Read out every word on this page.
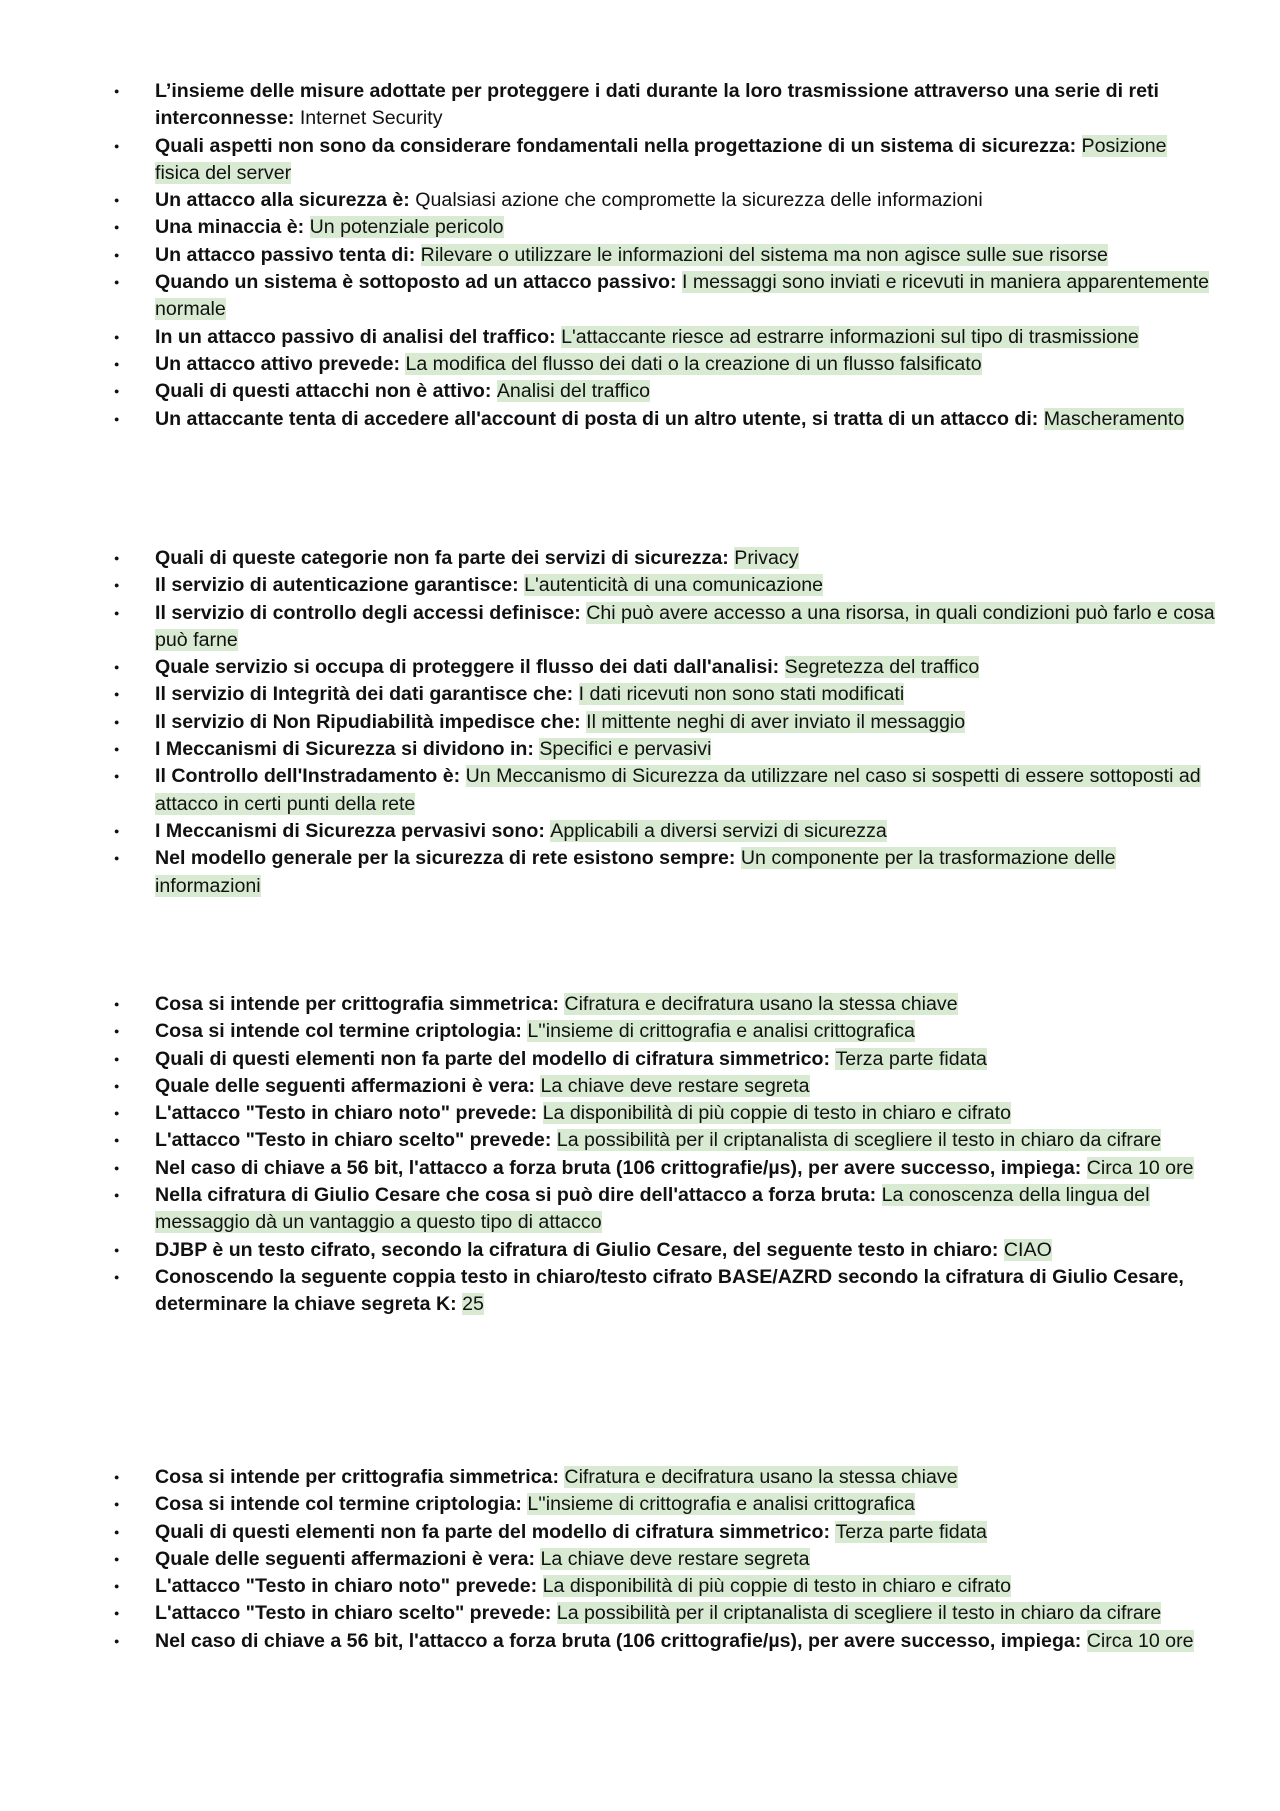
●	L’insieme delle misure adottate per proteggere i dati durante la loro trasmissione attraverso una serie di reti interconnesse: Internet Security
●	Quali aspetti non sono da considerare fondamentali nella progettazione di un sistema di sicurezza: Posizione fisica del server
●	Un attacco alla sicurezza è: Qualsiasi azione che compromette la sicurezza delle informazioni
●	Una minaccia è: Un potenziale pericolo
●	Un attacco passivo tenta di: Rilevare o utilizzare le informazioni del sistema ma non agisce sulle sue risorse
●	Quando un sistema è sottoposto ad un attacco passivo: I messaggi sono inviati e ricevuti in maniera apparentemente normale
●	In un attacco passivo di analisi del traffico: L'attaccante riesce ad estrarre informazioni sul tipo di trasmissione
●	Un attacco attivo prevede: La modifica del flusso dei dati o la creazione di un flusso falsificato
●	Quali di questi attacchi non è attivo: Analisi del traffico
●	Un attaccante tenta di accedere all'account di posta di un altro utente, si tratta di un attacco di: Mascheramento
●	Quali di queste categorie non fa parte dei servizi di sicurezza: Privacy
●	Il servizio di autenticazione garantisce: L'autenticità di una comunicazione
●	Il servizio di controllo degli accessi definisce: Chi può avere accesso a una risorsa, in quali condizioni può farlo e cosa può farne
●	Quale servizio si occupa di proteggere il flusso dei dati dall'analisi: Segretezza del traffico
●	Il servizio di Integrità dei dati garantisce che: I dati ricevuti non sono stati modificati
●	Il servizio di Non Ripudiabilità impedisce che: Il mittente neghi di aver inviato il messaggio
●	I Meccanismi di Sicurezza si dividono in: Specifici e pervasivi
●	Il Controllo dell'Instradamento è: Un Meccanismo di Sicurezza da utilizzare nel caso si sospetti di essere sottoposti ad attacco in certi punti della rete
●	I Meccanismi di Sicurezza pervasivi sono: Applicabili a diversi servizi di sicurezza
●	Nel modello generale per la sicurezza di rete esistono sempre: Un componente per la trasformazione delle informazioni
●	Cosa si intende per crittografia simmetrica: Cifratura e decifratura usano la stessa chiave
●	Cosa si intende col termine criptologia: L''insieme di crittografia e analisi crittografica
●	Quali di questi elementi non fa parte del modello di cifratura simmetrico: Terza parte fidata
●	Quale delle seguenti affermazioni è vera: La chiave deve restare segreta
●	L'attacco "Testo in chiaro noto" prevede: La disponibilità di più coppie di testo in chiaro e cifrato
●	L'attacco "Testo in chiaro scelto" prevede: La possibilità per il criptanalista di scegliere il testo in chiaro da cifrare
●	Nel caso di chiave a 56 bit, l'attacco a forza bruta (106 crittografie/µs), per avere successo, impiega: Circa 10 ore
●	Nella cifratura di Giulio Cesare che cosa si può dire dell'attacco a forza bruta: La conoscenza della lingua del messaggio dà un vantaggio a questo tipo di attacco
●	DJBP è un testo cifrato, secondo la cifratura di Giulio Cesare, del seguente testo in chiaro: CIAO
●	Conoscendo la seguente coppia testo in chiaro/testo cifrato BASE/AZRD secondo la cifratura di Giulio Cesare, determinare la chiave segreta K: 25
●	Cosa si intende per crittografia simmetrica: Cifratura e decifratura usano la stessa chiave
●	Cosa si intende col termine criptologia: L''insieme di crittografia e analisi crittografica
●	Quali di questi elementi non fa parte del modello di cifratura simmetrico: Terza parte fidata
●	Quale delle seguenti affermazioni è vera: La chiave deve restare segreta
●	L'attacco "Testo in chiaro noto" prevede: La disponibilità di più coppie di testo in chiaro e cifrato
●	L'attacco "Testo in chiaro scelto" prevede: La possibilità per il criptanalista di scegliere il testo in chiaro da cifrare
●	Nel caso di chiave a 56 bit, l'attacco a forza bruta (106 crittografie/µs), per avere successo, impiega: Circa 10 ore
